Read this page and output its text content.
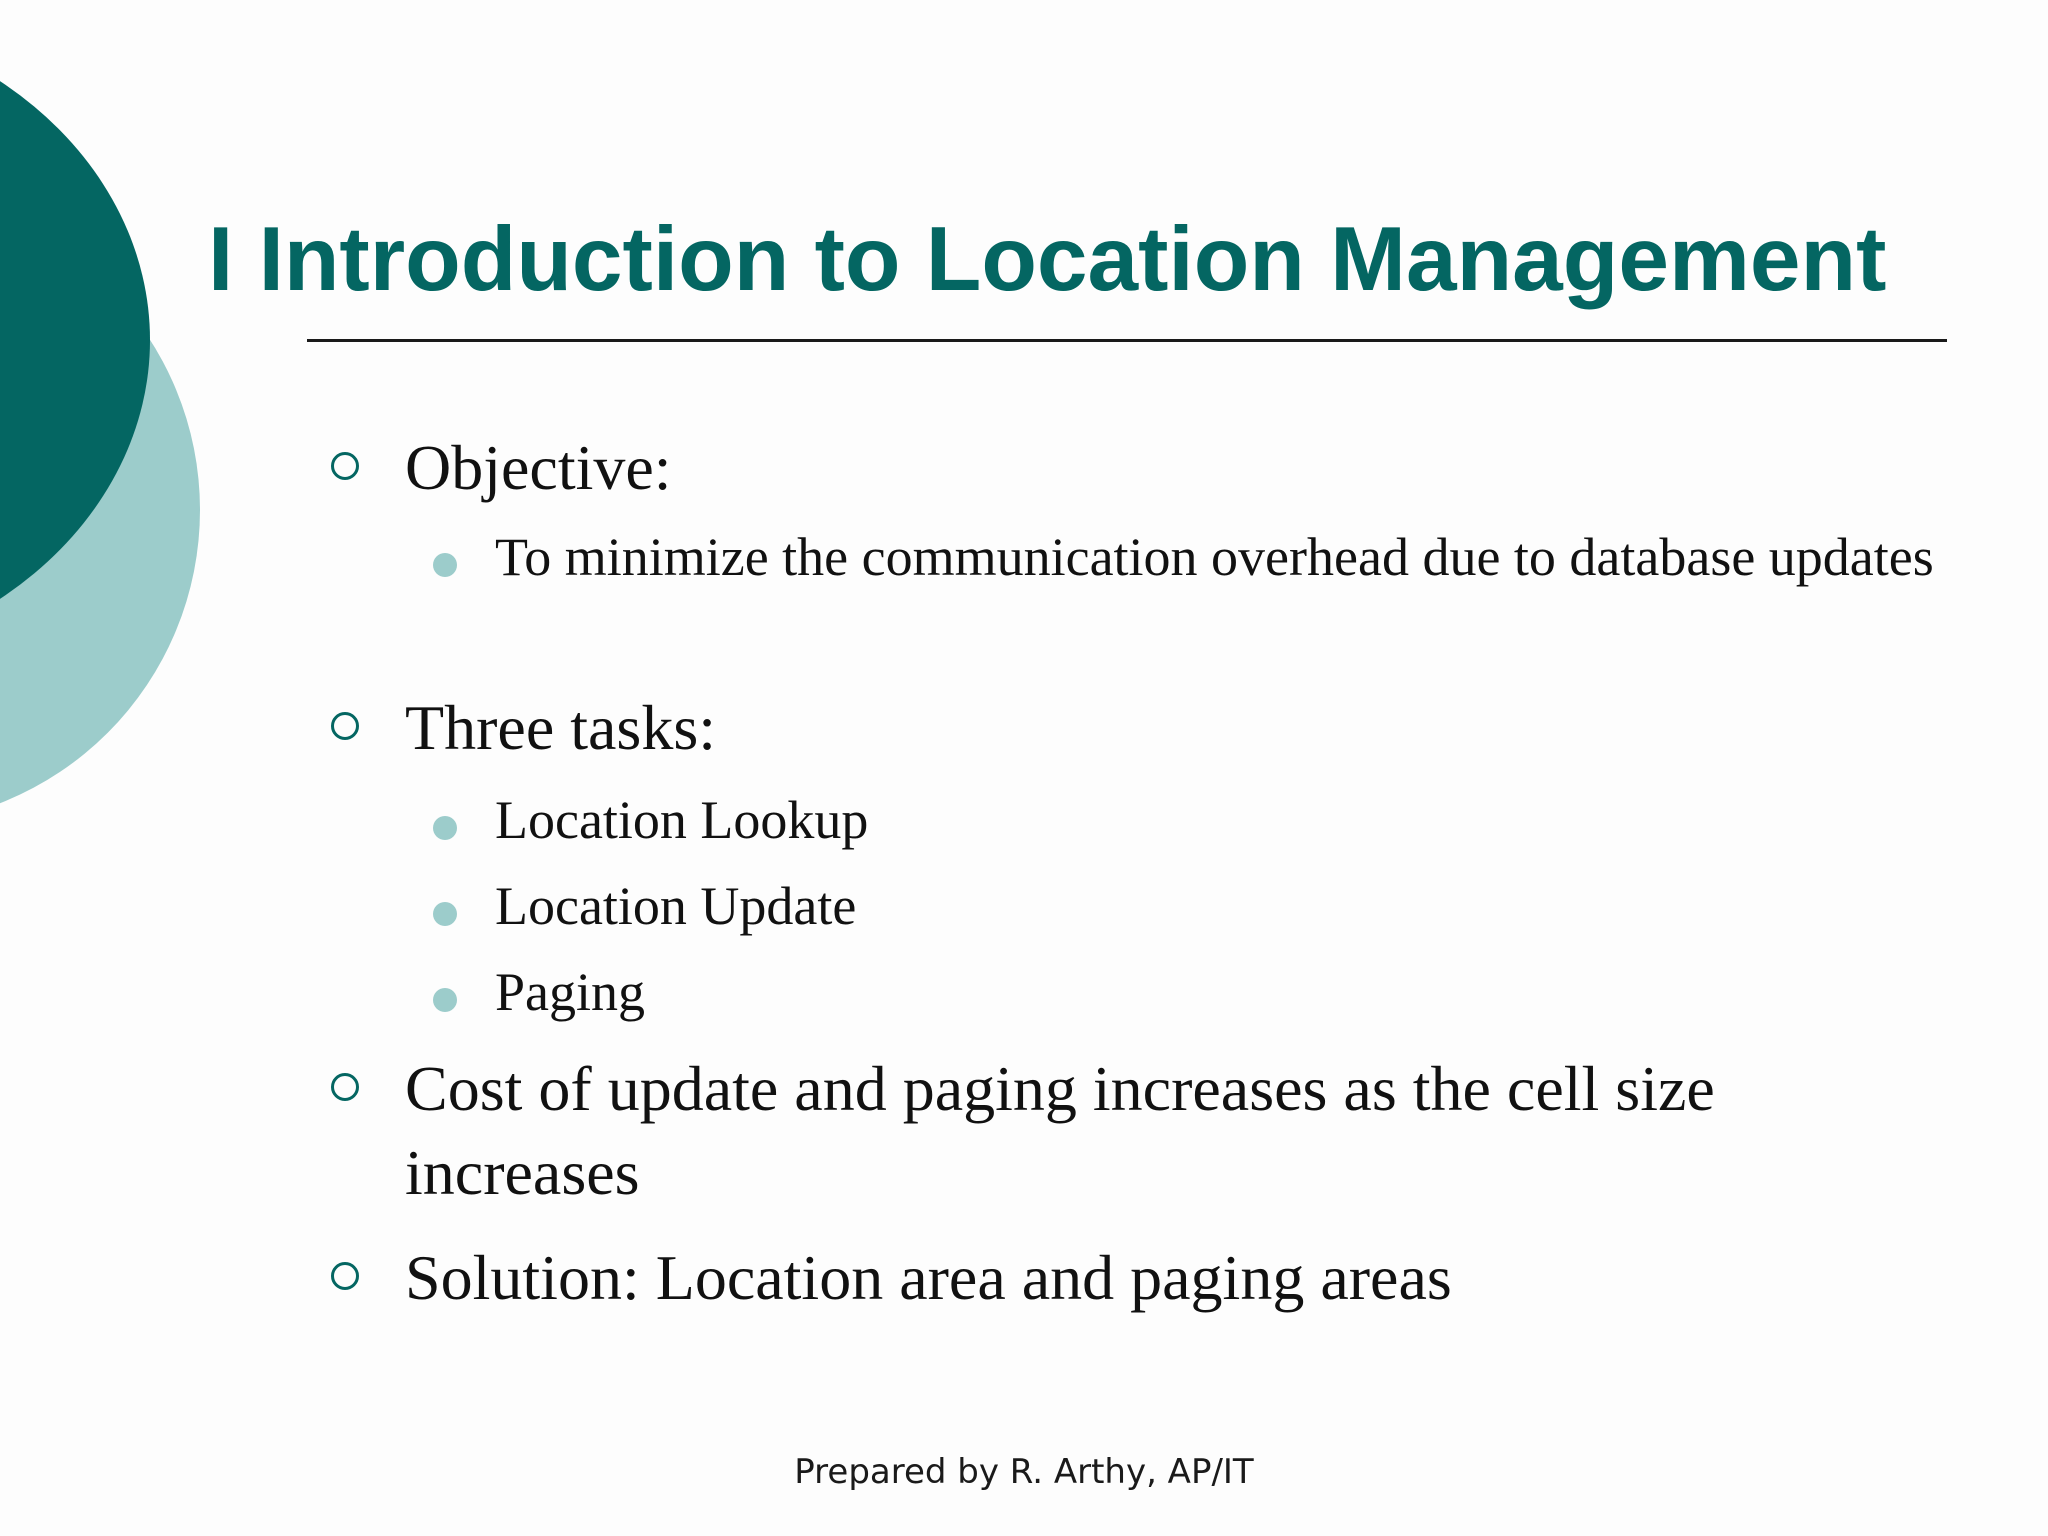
I Introduction to Location Management
Objective:
To minimize the communication overhead due to database updates
Three tasks:
Location Lookup
Location Update
Paging
Cost of update and paging increases as the cell size increases
Solution: Location area and paging areas
Prepared by R. Arthy, AP/IT
